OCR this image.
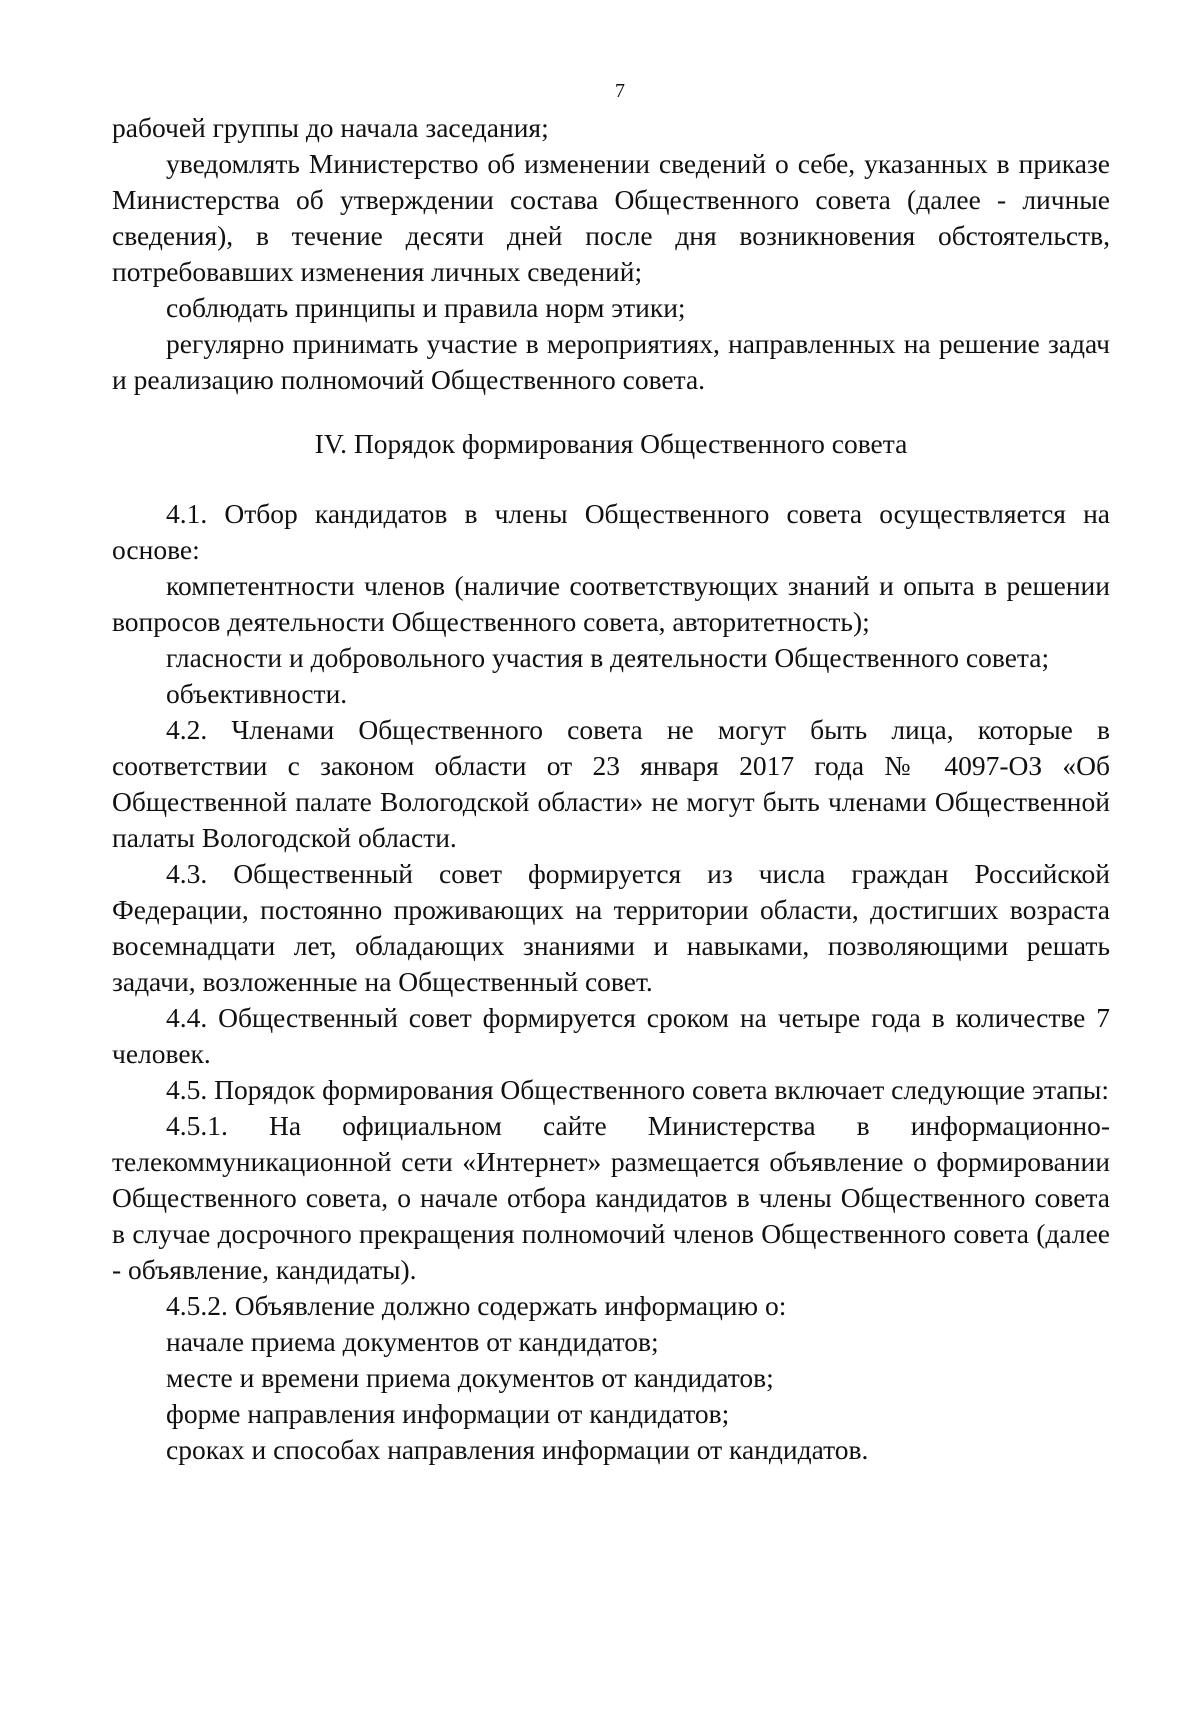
7

рабочей группы до начала заседания;

уведомлять Министерство об изменении сведений о себе, указанных в приказе Министерства об утверждении состава Общественного совета (далее - личные сведения), в течение десяти дней после дня возникновения обстоятельств, потребовавших изменения личных сведений;

соблюдать принципы и правила норм этики;

регулярно принимать участие в мероприятиях, направленных на решение задач и реализацию полномочий Общественного совета.

IV. Порядок формирования Общественного совета

4.1. Отбор кандидатов в члены Общественного совета осуществляется на основе:

компетентности членов (наличие соответствующих знаний и опыта в решении вопросов деятельности Общественного совета, авторитетность);

гласности и добровольного участия в деятельности Общественного совета;

объективности.

4.2. Членами Общественного совета не могут быть лица, которые в соответствии с законом области от 23 января 2017 года № 4097-ОЗ «Об Общественной палате Вологодской области» не могут быть членами Общественной палаты Вологодской области.

4.3. Общественный совет формируется из числа граждан Российской Федерации, постоянно проживающих на территории области, достигших возраста восемнадцати лет, обладающих знаниями и навыками, позволяющими решать задачи, возложенные на Общественный совет.

4.4. Общественный совет формируется сроком на четыре года в количестве 7 человек.

4.5. Порядок формирования Общественного совета включает следующие этапы:

4.5.1. На официальном сайте Министерства в информационно-телекоммуникационной сети «Интернет» размещается объявление о формировании Общественного совета, о начале отбора кандидатов в члены Общественного совета в случае досрочного прекращения полномочий членов Общественного совета (далее - объявление, кандидаты).

4.5.2. Объявление должно содержать информацию о:

начале приема документов от кандидатов;

месте и времени приема документов от кандидатов;

форме направления информации от кандидатов;

сроках и способах направления информации от кандидатов.
